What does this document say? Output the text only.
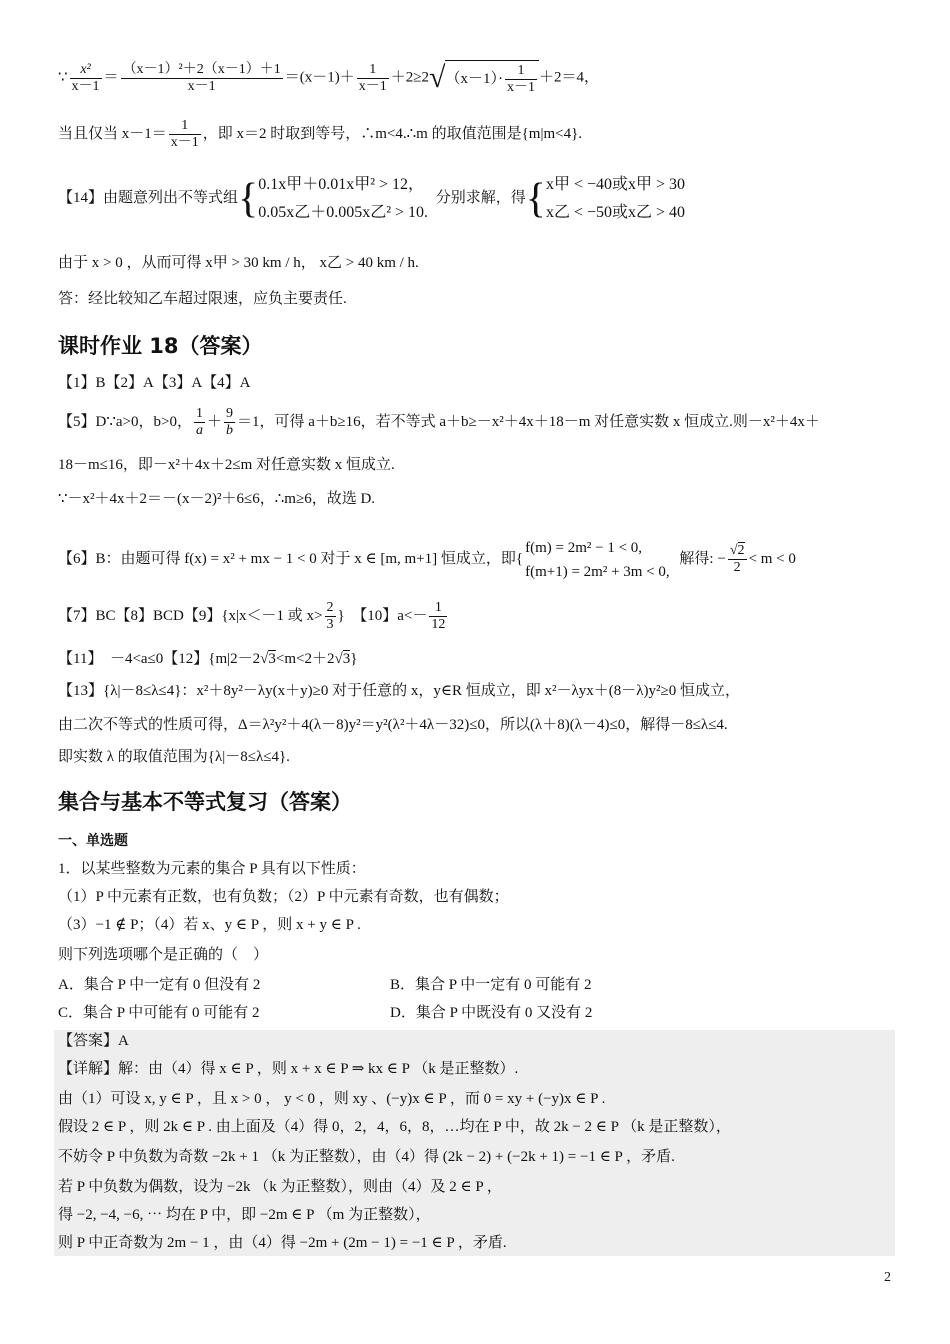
∵ $\frac{\text{x²}}{x-1} = \frac{\text{（x－1）²＋2（x－1）＋1}}{x-1} =(x-1)+ \frac{1}{x-1} +2\ge 2√(x-1)\cdot \frac{1}{x-1} +2=4$，
当且仅当 $x-1= \frac{1}{x-1}$ ，即 x＝2 时取到等号，∴m<4.∴m 的取值范围是{m|m<4}.
【14】由题意列出不等式组{ 0.1x甲＋0.01x甲² > 12，
0.05x乙＋0.005x乙² > 10.
分别求解，得{ x甲 < −40或x甲 > 30
x乙 < −50或x乙 > 40
由于 x > 0 ，从而可得 x甲 > 30 km / h， x乙 > 40 km / h.
答：经比较知乙车超过限速，应负主要责任.
课时作业 18（答案）
【1】B【2】A【3】A【4】A
【5】D∵a>0，b>0， $\frac{1}{a} + \frac{9}{b} =1$，可得 a＋b≥16，若不等式 a＋b≥－x²＋4x＋18－m 对任意实数 x 恒成立.则－x²＋4x＋
18－m≤16，即－x²＋4x＋2≤m 对任意实数 x 恒成立.
∵－x²＋4x＋2＝－(x－2)²＋6≤6，∴m≥6，故选 D.
【6】B：由题可得 f(x) = x² + mx − 1 < 0 对于 x ∈ [m, m+1] 恒成立，即{
f(m) = 2m² − 1 < 0,
f(m+1) = 2m² + 3m < 0,
解得: − $\frac{√2}{2} < m < 0$
【7】BC【8】BCD【9】{x|x＜－1 或 $x> \frac{2}{3}$ }　【10】$a<- \frac{1}{12}$
【11】　－4<a≤0【12】{m|2－2√3<m<2＋2√3}
【13】{λ|－8≤λ≤4}：x²＋8y²－λy(x＋y)≥0 对于任意的 x，y∈R 恒成立，即 x²－λyx＋(8－λ)y²≥0 恒成立，
由二次不等式的性质可得，Δ＝λ²y²＋4(λ－8)y²＝y²(λ²＋4λ－32)≤0，所以(λ＋8)(λ－4)≤0，解得－8≤λ≤4.
即实数 λ 的取值范围为{λ|－8≤λ≤4}.
集合与基本不等式复习（答案）
一、单选题
1．以某些整数为元素的集合 P 具有以下性质：
（1）P 中元素有正数，也有负数；（2）P 中元素有奇数，也有偶数；
（3）−1 ∉ P；（4）若 x、y ∈ P ，则 x + y ∈ P .
则下列选项哪个是正确的（　）
A．集合 P 中一定有 0 但没有 2	B．集合 P 中一定有 0 可能有 2
C．集合 P 中可能有 0 可能有 2	D．集合 P 中既没有 0 又没有 2
【答案】A
【详解】解：由（4）得 x ∈ P ，则 x + x ∈ P ⇒ kx ∈ P （k 是正整数）.
由（1）可设 x, y ∈ P ，且 x > 0 ， y < 0 ，则 xy 、(−y)x ∈ P ，而 0 = xy + (−y)x ∈ P .
假设 2 ∈ P ，则 2k ∈ P . 由上面及（4）得 0，2，4，6，8，…均在 P 中，故 2k − 2 ∈ P （k 是正整数），
不妨令 P 中负数为奇数 −2k + 1 （k 为正整数），由（4）得 (2k − 2) + (−2k + 1) = −1 ∈ P ，矛盾.
若 P 中负数为偶数，设为 −2k （k 为正整数），则由（4）及 2 ∈ P ，
得 −2, −4, −6, ⋯ 均在 P 中，即 −2m ∈ P （m 为正整数），
则 P 中正奇数为 2m − 1 ，由（4）得 −2m + (2m − 1) = −1 ∈ P ，矛盾.
2
